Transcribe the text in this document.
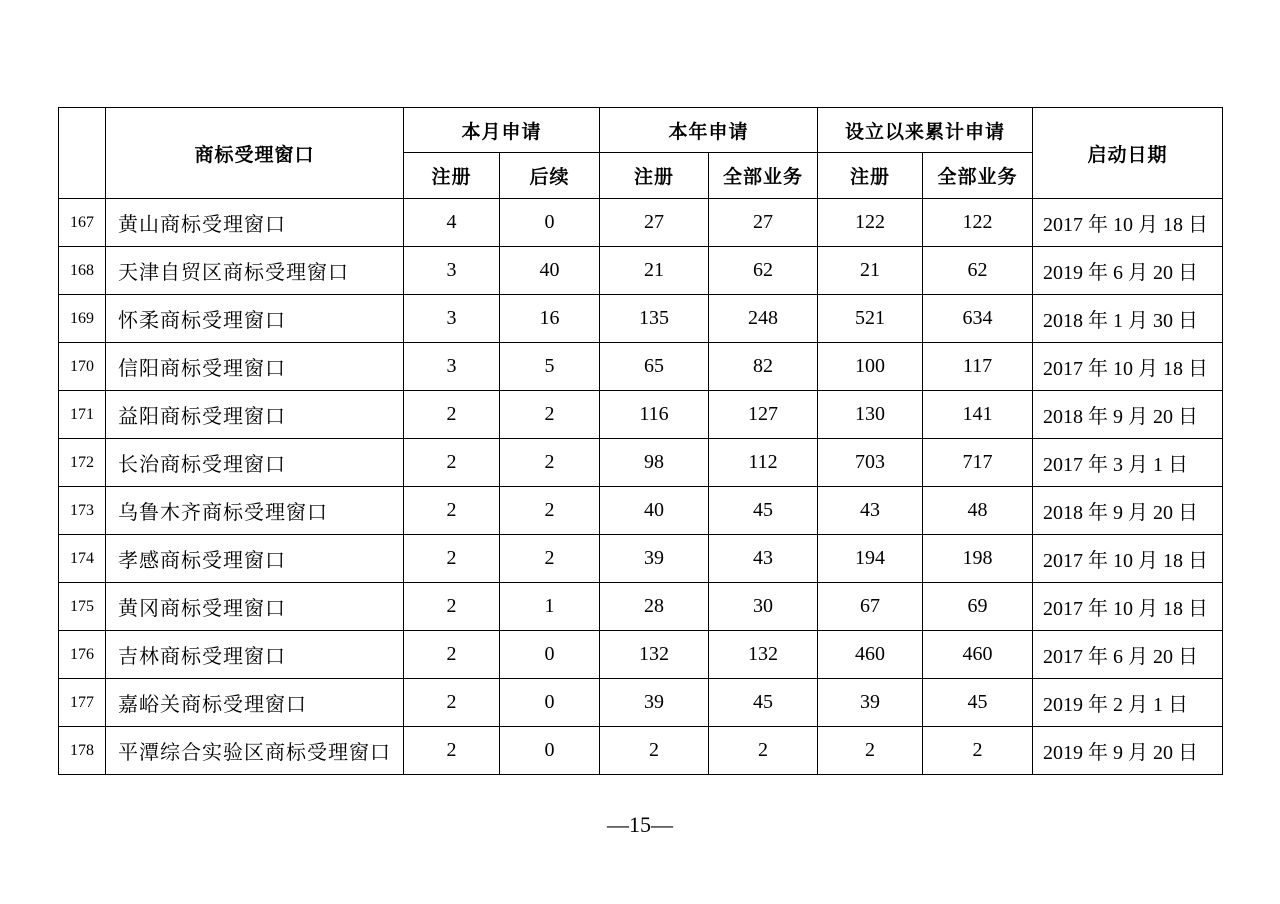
	商标受理窗口	本月申请		本年申请		设立以来累计申请		启动日期
		注册	后续	注册	全部业务	注册	全部业务	
167	黄山商标受理窗口	4	0	27	27	122	122	2017 年 10 月 18 日
168	天津自贸区商标受理窗口	3	40	21	62	21	62	2019 年 6 月 20 日
169	怀柔商标受理窗口	3	16	135	248	521	634	2018 年 1 月 30 日
170	信阳商标受理窗口	3	5	65	82	100	117	2017 年 10 月 18 日
171	益阳商标受理窗口	2	2	116	127	130	141	2018 年 9 月 20 日
172	长治商标受理窗口	2	2	98	112	703	717	2017 年 3 月 1 日
173	乌鲁木齐商标受理窗口	2	2	40	45	43	48	2018 年 9 月 20 日
174	孝感商标受理窗口	2	2	39	43	194	198	2017 年 10 月 18 日
175	黄冈商标受理窗口	2	1	28	30	67	69	2017 年 10 月 18 日
176	吉林商标受理窗口	2	0	132	132	460	460	2017 年 6 月 20 日
177	嘉峪关商标受理窗口	2	0	39	45	39	45	2019 年 2 月 1 日
178	平潭综合实验区商标受理窗口	2	0	2	2	2	2	2019 年 9 月 20 日
—15—
